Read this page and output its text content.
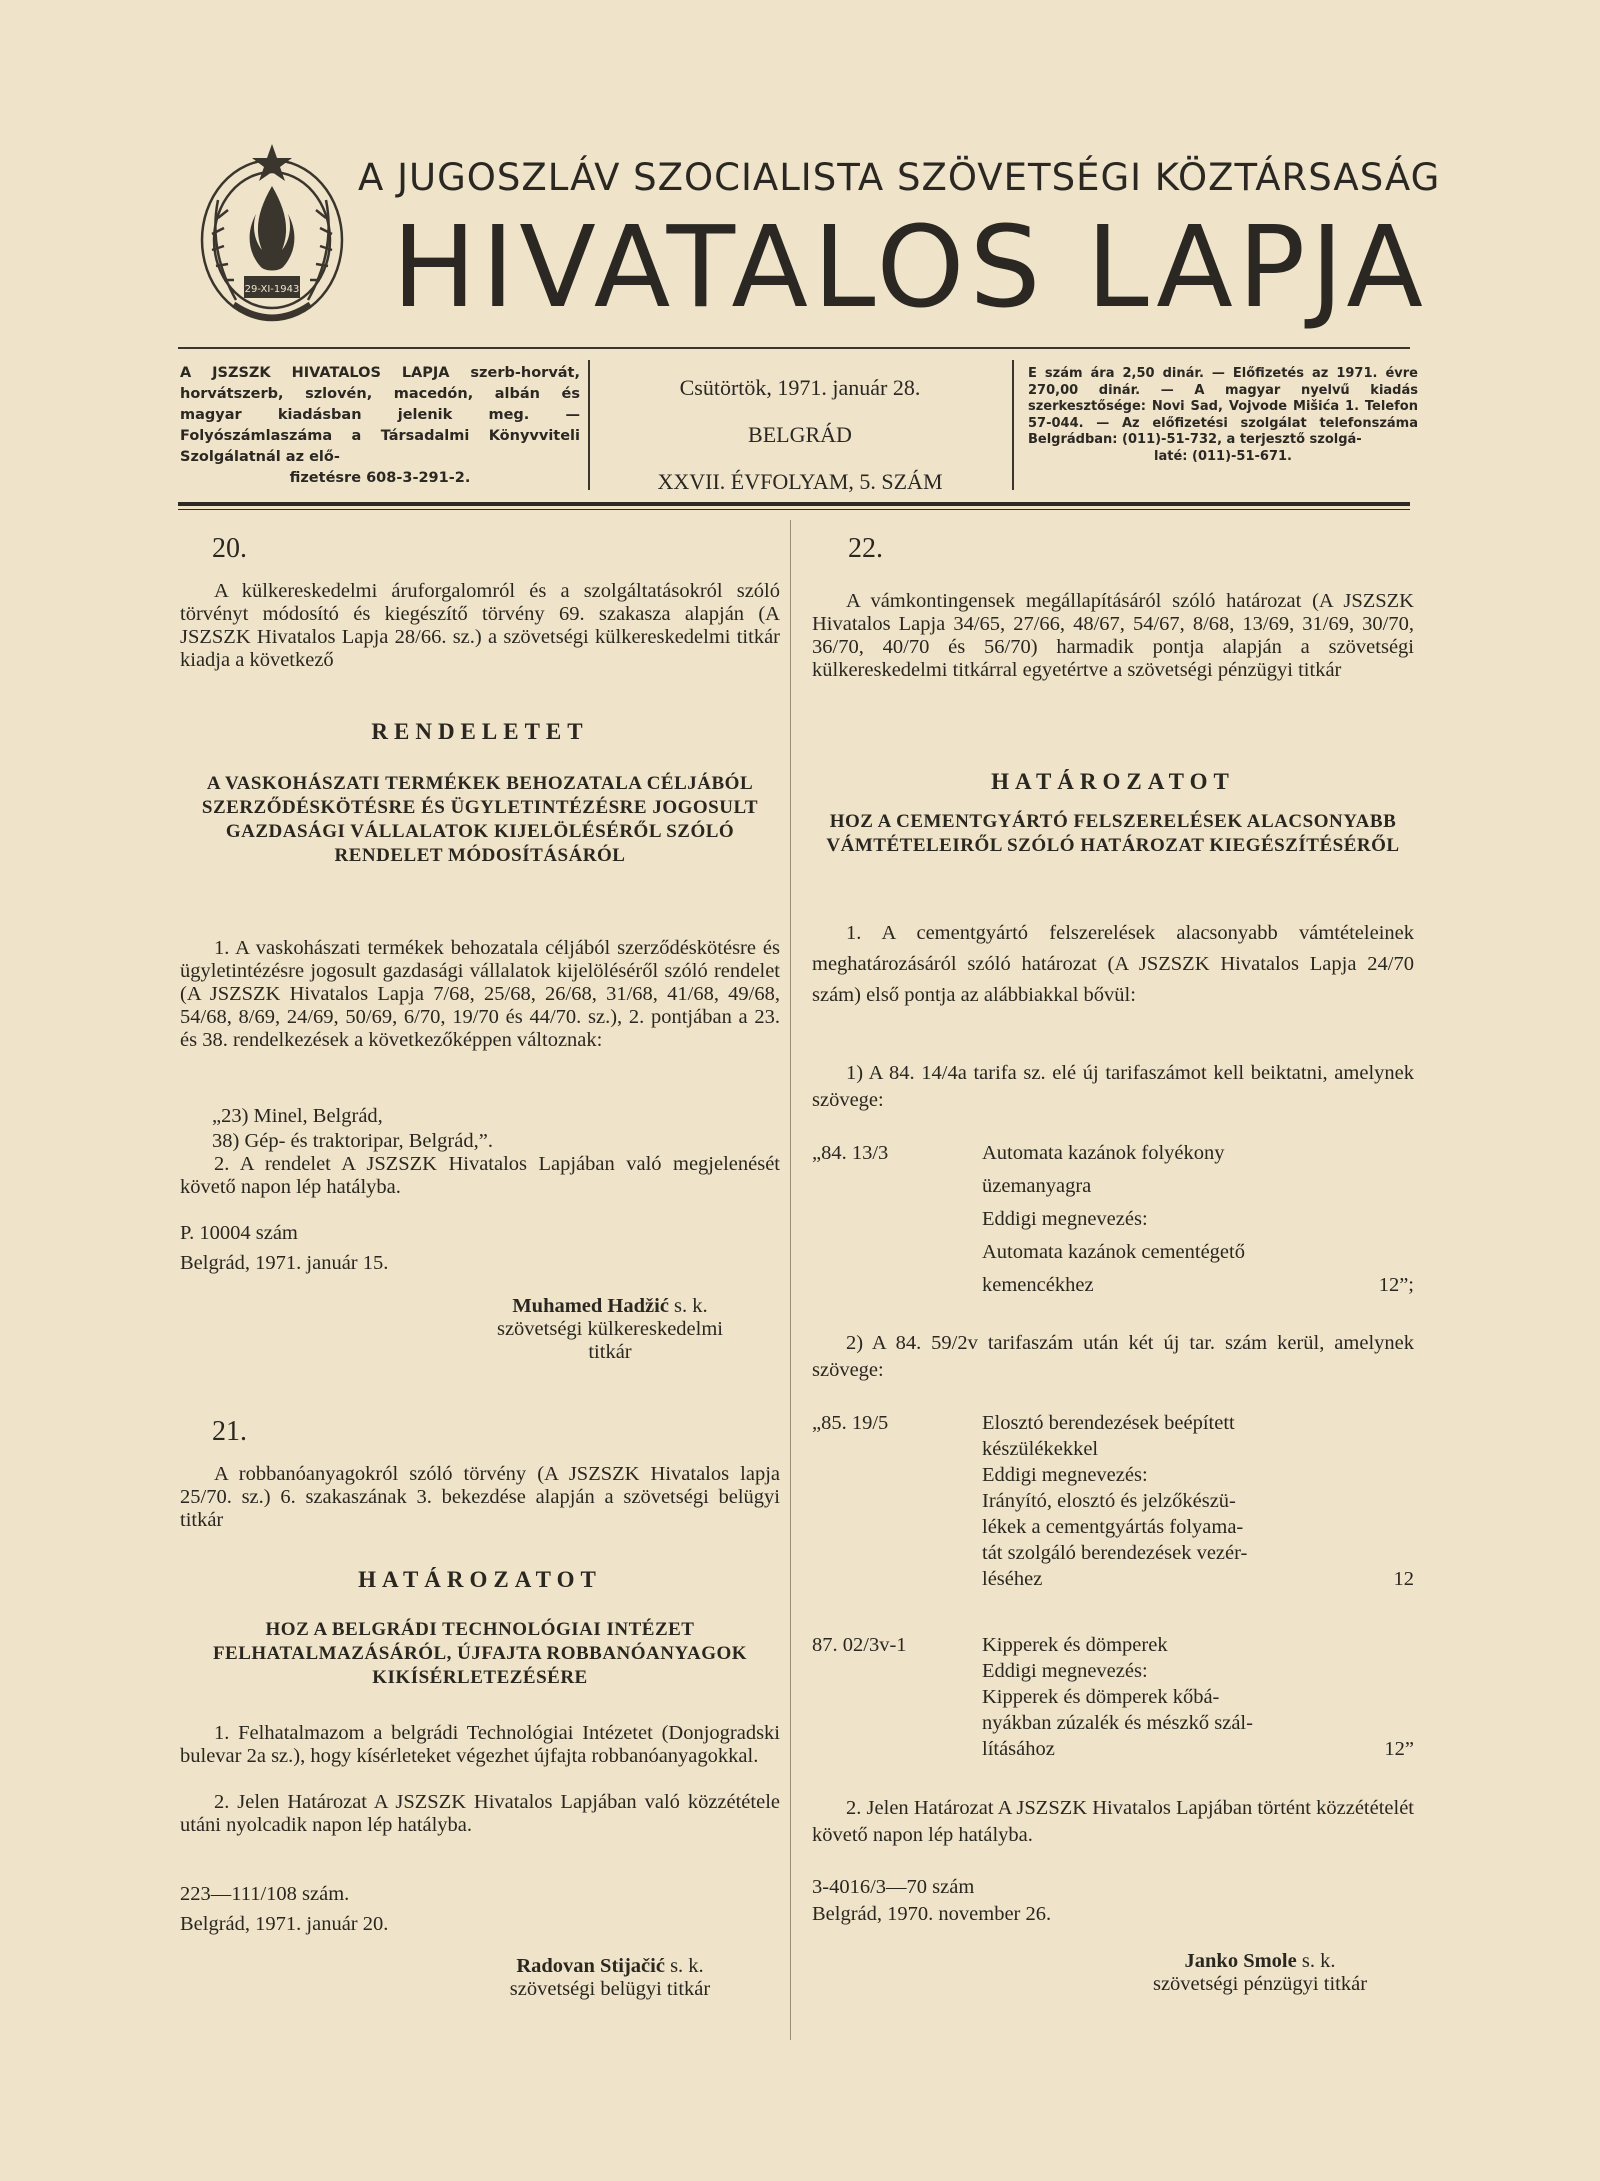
29-XI-1943
A JUGOSZLÁV SZOCIALISTA SZÖVETSÉGI KÖZTÁRSASÁG
HIVATALOS LAPJA
A JSZSZK HIVATALOS LAPJA szerb-horvát, horvátszerb, szlovén, macedón, albán és magyar kiadásban jelenik meg. — Folyószámlaszáma a Társadalmi Könyvviteli Szolgálatnál az elő-
fizetésre 608-3-291-2.
Csütörtök, 1971. január 28.
BELGRÁD
XXVII. ÉVFOLYAM, 5. SZÁM
E szám ára 2,50 dinár. — Előfizetés az 1971. évre 270,00 dinár. — A magyar nyelvű kiadás szerkesztősége: Novi Sad, Vojvode Mišića 1. Telefon 57-044. — Az előfizetési szolgálat telefonszáma Belgrádban: (011)-51-732, a terjesztő szolgá-
laté: (011)-51-671.
20.
A külkereskedelmi áruforgalomról és a szolgáltatásokról szóló törvényt módosító és kiegészítő törvény 69. szakasza alapján (A JSZSZK Hivatalos Lapja 28/66. sz.) a szövetségi külkereskedelmi titkár kiadja a következő
RENDELETET
A VASKOHÁSZATI TERMÉKEK BEHOZATALA CÉLJÁBÓL SZERZŐDÉSKÖTÉSRE ÉS ÜGYLETINTÉZÉSRE JOGOSULT GAZDASÁGI VÁLLALATOK KIJELÖLÉSÉRŐL SZÓLÓ RENDELET MÓDOSÍTÁSÁRÓL
1. A vaskohászati termékek behozatala céljából szerződéskötésre és ügyletintézésre jogosult gazdasági vállalatok kijelöléséről szóló rendelet (A JSZSZK Hivatalos Lapja 7/68, 25/68, 26/68, 31/68, 41/68, 49/68, 54/68, 8/69, 24/69, 50/69, 6/70, 19/70 és 44/70. sz.), 2. pontjában a 23. és 38. rendelkezések a következőképpen változnak:
„23) Minel, Belgrád,
38) Gép- és traktoripar, Belgrád,”.
2. A rendelet A JSZSZK Hivatalos Lapjában való megjelenését követő napon lép hatályba.
P. 10004 szám
Belgrád, 1971. január 15.
Muhamed Hadžić s. k.
szövetségi külkereskedelmi
titkár
21.
A robbanóanyagokról szóló törvény (A JSZSZK Hivatalos lapja 25/70. sz.) 6. szakaszának 3. bekezdése alapján a szövetségi belügyi titkár
HATÁROZATOT
HOZ A BELGRÁDI TECHNOLÓGIAI INTÉZET FELHATALMAZÁSÁRÓL, ÚJFAJTA ROBBANÓANYAGOK KIKÍSÉRLETEZÉSÉRE
1. Felhatalmazom a belgrádi Technológiai Intézetet (Donjogradski bulevar 2a sz.), hogy kísérleteket végezhet újfajta robbanóanyagokkal.
2. Jelen Határozat A JSZSZK Hivatalos Lapjában való közzététele utáni nyolcadik napon lép hatályba.
223—111/108 szám.
Belgrád, 1971. január 20.
Radovan Stijačić s. k.
szövetségi belügyi titkár
22.
A vámkontingensek megállapításáról szóló határozat (A JSZSZK Hivatalos Lapja 34/65, 27/66, 48/67, 54/67, 8/68, 13/69, 31/69, 30/70, 36/70, 40/70 és 56/70) harmadik pontja alapján a szövetségi külkereskedelmi titkárral egyetértve a szövetségi pénzügyi titkár
HATÁROZATOT
HOZ A CEMENTGYÁRTÓ FELSZERELÉSEK ALACSONYABB VÁMTÉTELEIRŐL SZÓLÓ HATÁROZAT KIEGÉSZÍTÉSÉRŐL
1. A cementgyártó felszerelések alacsonyabb vámtételeinek meghatározásáról szóló határozat (A JSZSZK Hivatalos Lapja 24/70 szám) első pontja az alábbiakkal bővül:
1) A 84. 14/4a tarifa sz. elé új tarifaszámot kell beiktatni, amelynek szövege:
„84. 13/3	Automata kazánok folyékony
üzemanyagra
Eddigi megnevezés:
Automata kazánok cementégető
kemencékhez	12”;
2) A 84. 59/2v tarifaszám után két új tar. szám kerül, amelynek szövege:
„85. 19/5	Elosztó berendezések beépített
készülékekkel
Eddigi megnevezés:
Irányító, elosztó és jelzőkészü-
lékek a cementgyártás folyama-
tát szolgáló berendezések vezér-
léséhez	12
87. 02/3v-1	Kipperek és dömperek
Eddigi megnevezés:
Kipperek és dömperek kőbá-
nyákban zúzalék és mészkő szál-
lításához	12”
2. Jelen Határozat A JSZSZK Hivatalos Lapjában történt közzétételét követő napon lép hatályba.
3-4016/3—70 szám
Belgrád, 1970. november 26.
Janko Smole s. k.
szövetségi pénzügyi titkár
